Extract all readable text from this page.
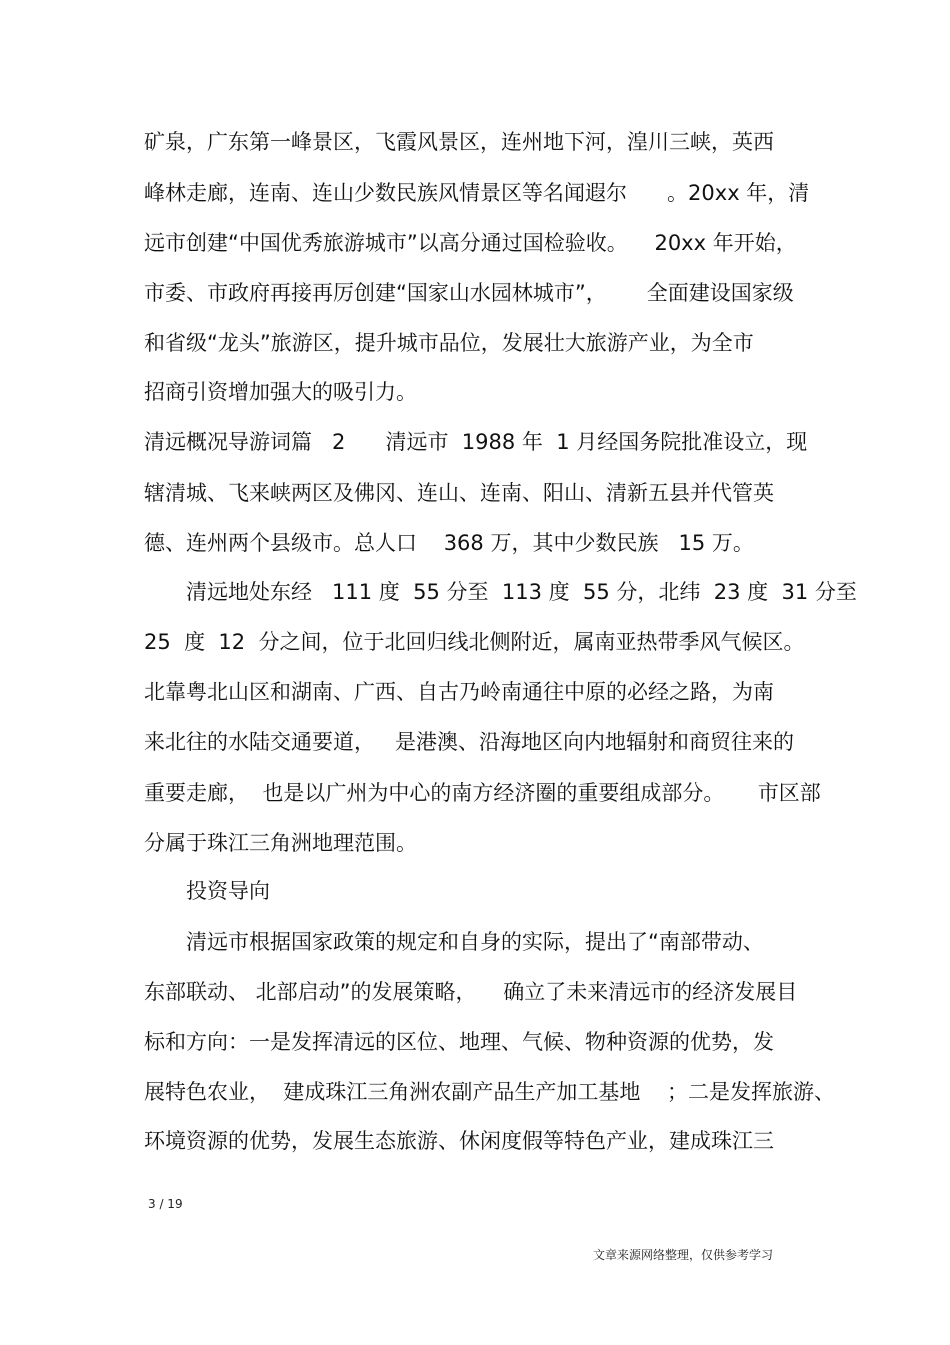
矿泉，广东第一峰景区，飞霞风景区，连州地下河，湟川三峡，英西
峰林走廊，连南、连山少数民族风情景区等名闻遐尔      。20xx 年，清
远市创建“中国优秀旅游城市”以高分通过国检验收。    20xx 年开始，
市委、市政府再接再厉创建“国家山水园林城市”，      全面建设国家级
和省级“龙头”旅游区，提升城市品位，发展壮大旅游产业，为全市
招商引资增加强大的吸引力。
清远概况导游词篇   2      清远市  1988 年  1 月经国务院批准设立，现
辖清城、飞来峡两区及佛冈、连山、连南、阳山、清新五县并代管英
德、连州两个县级市。总人口    368 万，其中少数民族   15 万。
清远地处东经   111 度  55 分至  113 度  55 分，北纬  23 度  31 分至
25  度  12  分之间，位于北回归线北侧附近，属南亚热带季风气候区。
北靠粤北山区和湖南、广西、自古乃岭南通往中原的必经之路，为南
来北往的水陆交通要道，   是港澳、沿海地区向内地辐射和商贸往来的
重要走廊，  也是以广州为中心的南方经济圈的重要组成部分。     市区部
分属于珠江三角洲地理范围。
投资导向
清远市根据国家政策的规定和自身的实际，提出了“南部带动、
东部联动、 北部启动”的发展策略，    确立了未来清远市的经济发展目
标和方向：一是发挥清远的区位、地理、气候、物种资源的优势，发
展特色农业，  建成珠江三角洲农副产品生产加工基地    ；二是发挥旅游、
环境资源的优势，发展生态旅游、休闲度假等特色产业，建成珠江三
3 / 19
文章来源网络整理，仅供参考学习
